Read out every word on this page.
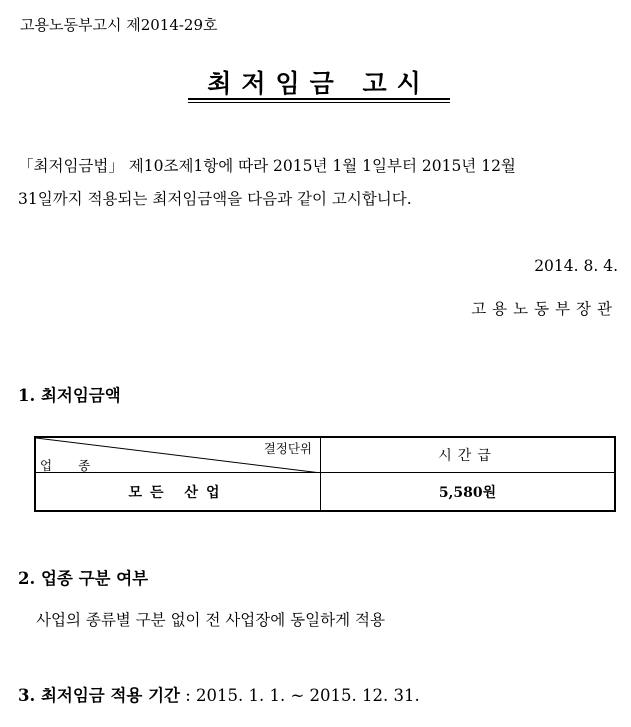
고용노동부고시 제2014-29호
최저임금 고시

「최저임금법」 제10조제1항에 따라 2015년 1월 1일부터 2015년 12월

31일까지 적용되는 최저임금액을 다음과 같이 고시합니다.

2014. 8. 4.
고용노동부장관
1. 최저임금액
결정단위
업종
시간급
모든 산업	5,580원
2. 업종 구분 여부
사업의 종류별 구분 없이 전 사업장에 동일하게 적용
3. 최저임금 적용 기간 : 2015. 1. 1. ~ 2015. 12. 31.
